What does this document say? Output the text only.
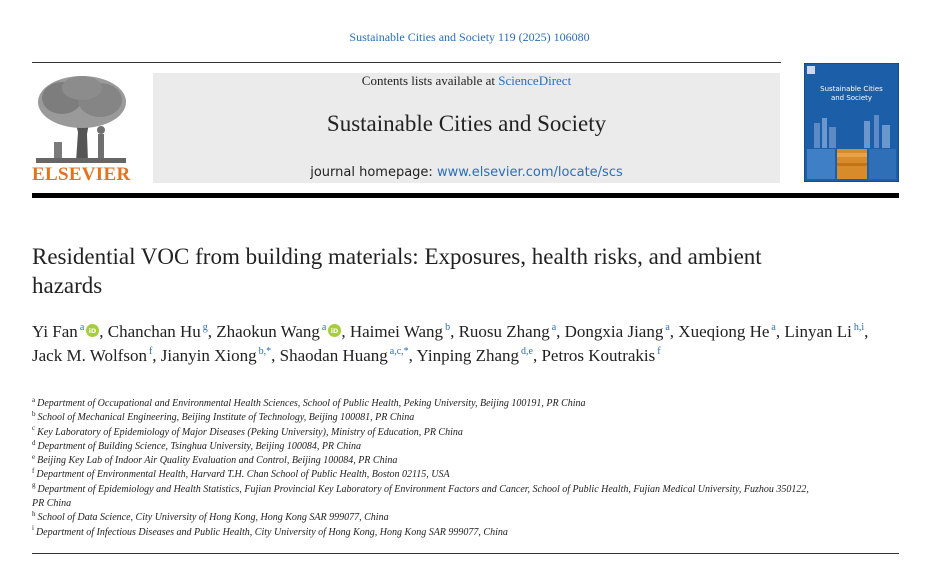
Sustainable Cities and Society 119 (2025) 106080
ELSEVIER
Contents lists available at ScienceDirect
Sustainable Cities and Society
journal homepage: www.elsevier.com/locate/scs
Sustainable Cities
and Society
Residential VOC from building materials: Exposures, health risks, and ambient hazards
Yi Fan $^a$ iD , Chanchan Hu $^g$, Zhaokun Wang $^a$ iD , Haimei Wang $^b$, Ruosu Zhang $^a$, Dongxia Jiang $^a$, Xueqiong He $^a$, Linyan Li $^{h,i}$, Jack M. Wolfson $^f$, Jianyin Xiong $^{b,*}$, Shaodan Huang $^{a,c,*}$, Yinping Zhang $^{d,e}$, Petros Koutrakis $^f$
$^a$ Department of Occupational and Environmental Health Sciences, School of Public Health, Peking University, Beijing 100191, PR China
$^b$ School of Mechanical Engineering, Beijing Institute of Technology, Beijing 100081, PR China
$^c$ Key Laboratory of Epidemiology of Major Diseases (Peking University), Ministry of Education, PR China
$^d$ Department of Building Science, Tsinghua University, Beijing 100084, PR China
$^e$ Beijing Key Lab of Indoor Air Quality Evaluation and Control, Beijing 100084, PR China
$^f$ Department of Environmental Health, Harvard T.H. Chan School of Public Health, Boston 02115, USA
$^g$ Department of Epidemiology and Health Statistics, Fujian Provincial Key Laboratory of Environment Factors and Cancer, School of Public Health, Fujian Medical University, Fuzhou 350122, PR China
$^h$ School of Data Science, City University of Hong Kong, Hong Kong SAR 999077, China
$^i$ Department of Infectious Diseases and Public Health, City University of Hong Kong, Hong Kong SAR 999077, China
